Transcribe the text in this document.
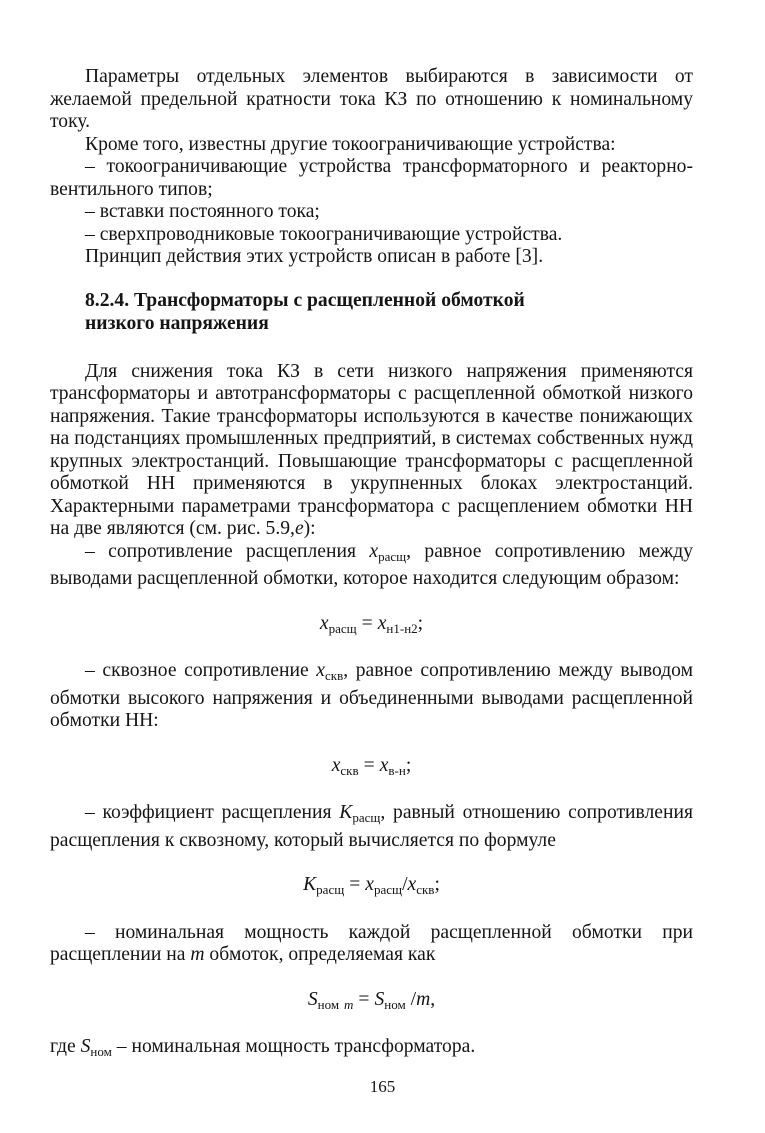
Параметры отдельных элементов выбираются в зависимости от желаемой предельной кратности тока КЗ по отношению к номинальному току.

Кроме того, известны другие токоограничивающие устройства:

– токоограничивающие устройства трансформаторного и реакторно-вентильного типов;

– вставки постоянного тока;

– сверхпроводниковые токоограничивающие устройства.

Принцип действия этих устройств описан в работе [3].

8.2.4. Трансформаторы с расщепленной обмоткой
низкого напряжения

Для снижения тока КЗ в сети низкого напряжения применяются трансформаторы и автотрансформаторы с расщепленной обмоткой низкого напряжения. Такие трансформаторы используются в качестве понижающих на подстанциях промышленных предприятий, в системах собственных нужд крупных электростанций. Повышающие трансформаторы с расщепленной обмоткой НН применяются в укрупненных блоках электростанций. Характерными параметрами трансформатора с расщеплением обмотки НН на две являются (см. рис. 5.9,е):

– сопротивление расщепления $x_{расщ}$, равное сопротивлению между выводами расщепленной обмотки, которое находится следующим образом:

$x_{расщ} = x_{н1-н2}$;

– сквозное сопротивление $x_{скв}$, равное сопротивлению между выводом обмотки высокого напряжения и объединенными выводами расщепленной обмотки НН:

$x_{скв} = x_{в-н}$;

– коэффициент расщепления $K_{расщ}$, равный отношению сопротивления расщепления к сквозному, который вычисляется по формуле

$K_{расщ} = x_{расщ}/x_{скв}$;

– номинальная мощность каждой расщепленной обмотки при расщеплении на m обмоток, определяемая как

$S_{ном}$ $_m = S_{ном}$ /m,

где $S_{ном}$ – номинальная мощность трансформатора.

165
